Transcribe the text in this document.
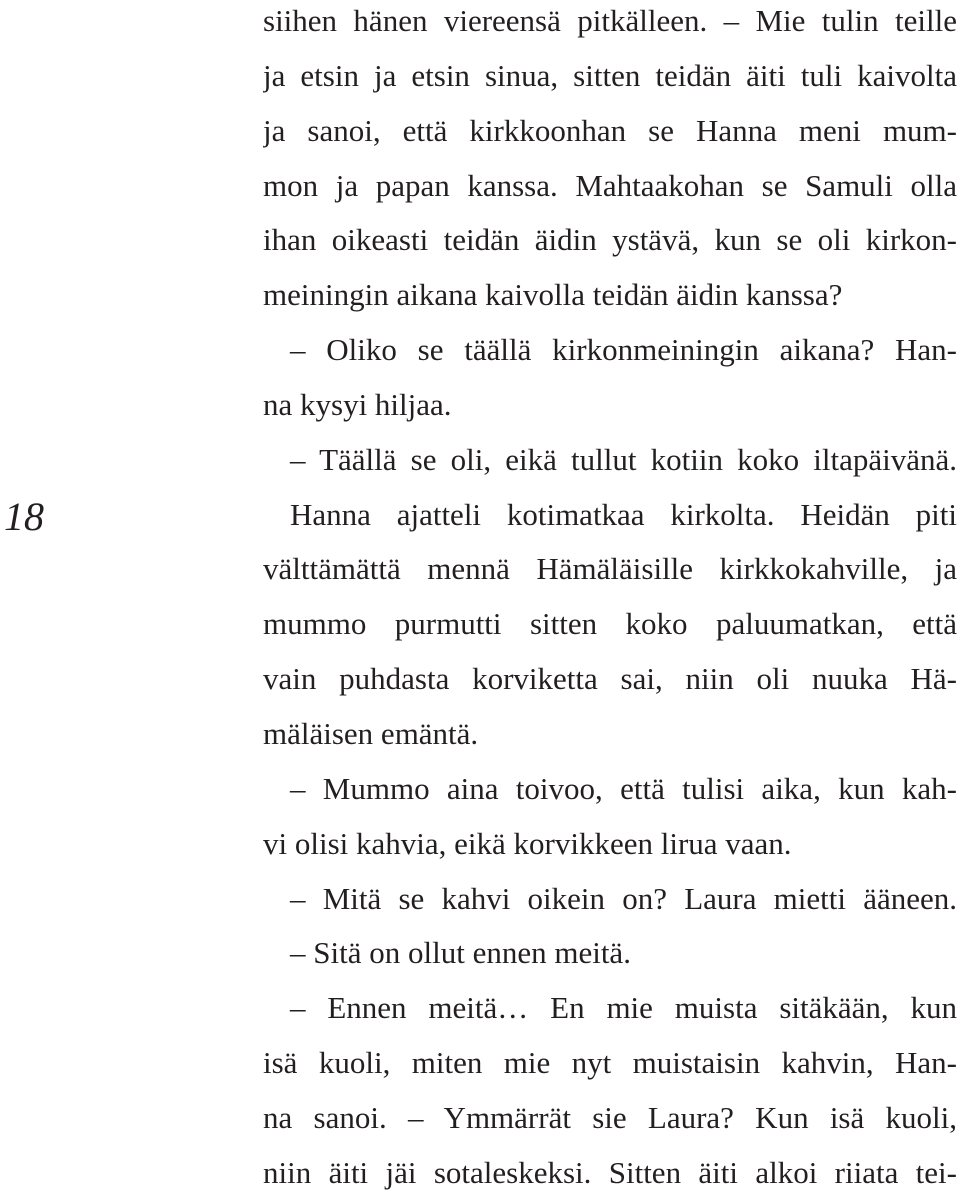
18
siihen hänen viereensä pitkälleen. – Mie tulin teille
ja etsin ja etsin sinua, sitten teidän äiti tuli kaivolta
ja sanoi, että kirkkoonhan se Hanna meni mum-
mon ja papan kanssa. Mahtaakohan se Samuli olla
ihan oikeasti teidän äidin ystävä, kun se oli kirkon-
meiningin aikana kaivolla teidän äidin kanssa?
– Oliko se täällä kirkonmeiningin aikana? Han-
na kysyi hiljaa.
– Täällä se oli, eikä tullut kotiin koko iltapäivänä.
Hanna ajatteli kotimatkaa kirkolta. Heidän piti
välttämättä mennä Hämäläisille kirkkokahville, ja
mummo purmutti sitten koko paluumatkan, että
vain puhdasta korviketta sai, niin oli nuuka Hä-
mäläisen emäntä.
– Mummo aina toivoo, että tulisi aika, kun kah-
vi olisi kahvia, eikä korvikkeen lirua vaan.
– Mitä se kahvi oikein on? Laura mietti ääneen.
– Sitä on ollut ennen meitä.
– Ennen meitä… En mie muista sitäkään, kun
isä kuoli, miten mie nyt muistaisin kahvin, Han-
na sanoi. – Ymmärrät sie Laura? Kun isä kuoli,
niin äiti jäi sotaleskeksi. Sitten äiti alkoi riiata tei-
